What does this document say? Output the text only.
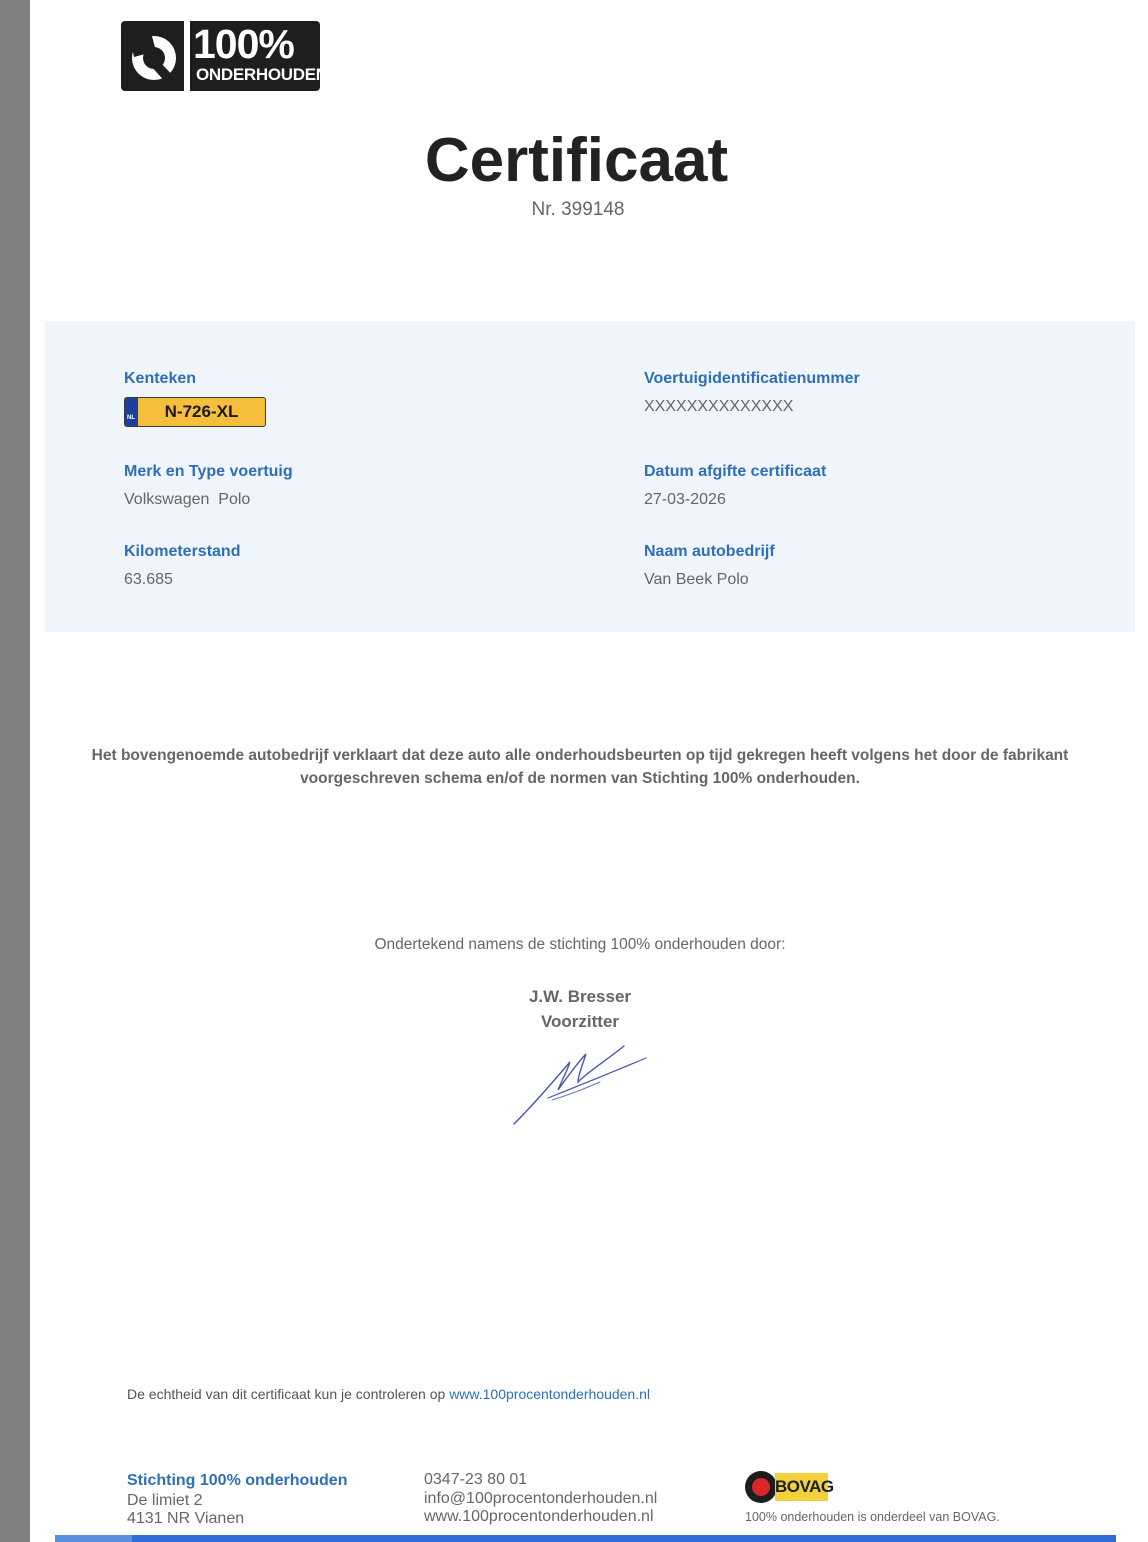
100%
ONDERHOUDEN
Certificaat
Nr. 399148
Kenteken
NL	N-726-XL
Voertuigidentificatienummer
XXXXXXXXXXXXXX
Merk en Type voertuig
Volkswagen  Polo
Datum afgifte certificaat
27-03-2026
Kilometerstand
63.685
Naam autobedrijf
Van Beek Polo
Het bovengenoemde autobedrijf verklaart dat deze auto alle onderhoudsbeurten op tijd gekregen heeft volgens het door de fabrikant voorgeschreven schema en/of de normen van Stichting 100% onderhouden.
Ondertekend namens de stichting 100% onderhouden door:
J.W. Bresser
Voorzitter
De echtheid van dit certificaat kun je controleren op www.100procentonderhouden.nl
Stichting 100% onderhouden
De limiet 2
4131 NR Vianen
0347-23 80 01
info@100procentonderhouden.nl
www.100procentonderhouden.nl
BOVAG
100% onderhouden is onderdeel van BOVAG.
